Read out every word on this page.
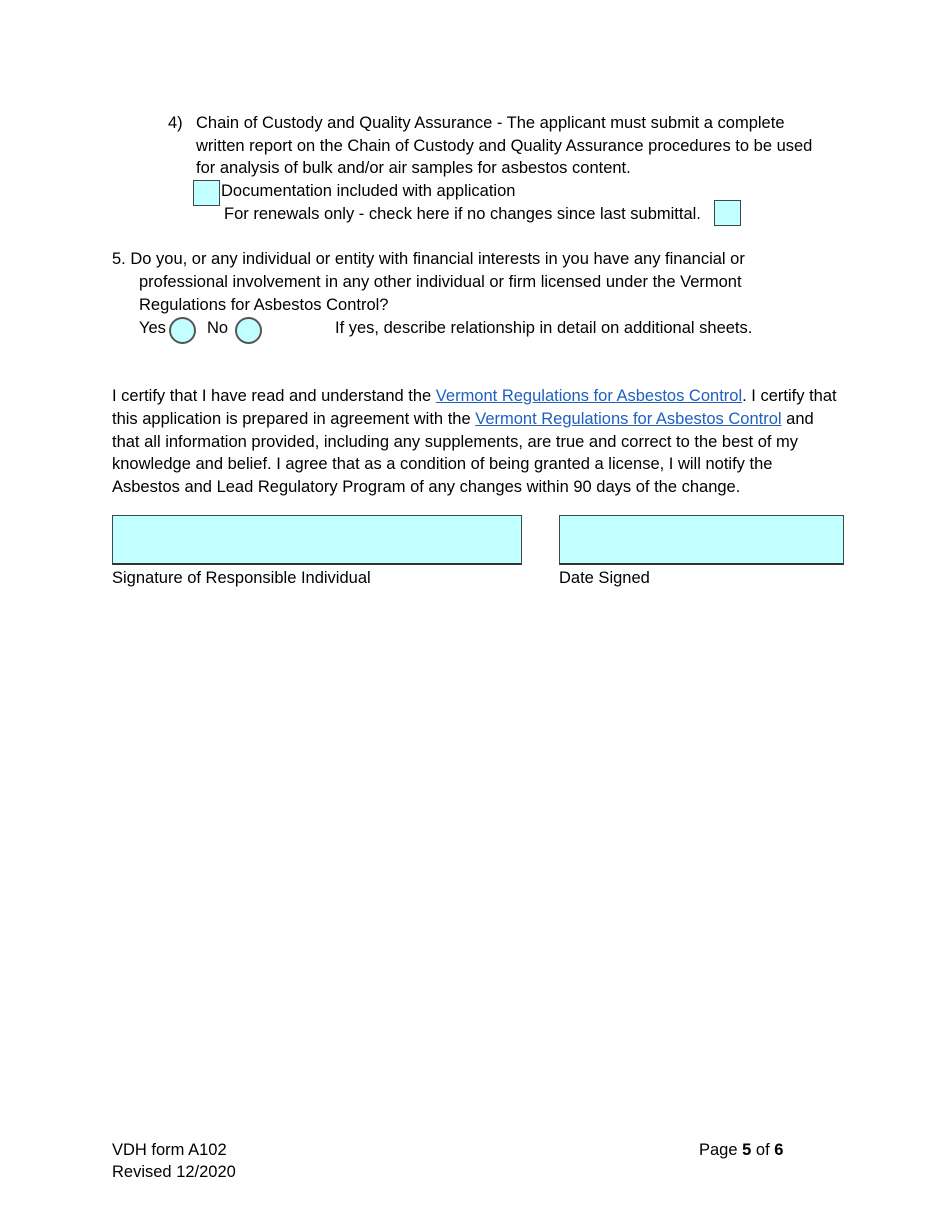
4) Chain of Custody and Quality Assurance - The applicant must submit a complete
written report on the Chain of Custody and Quality Assurance procedures to be used
for analysis of bulk and/or air samples for asbestos content.
Documentation included with application
For renewals only - check here if no changes since last submittal.
5. Do you, or any individual or entity with financial interests in you have any financial or
professional involvement in any other individual or firm licensed under the Vermont
Regulations for Asbestos Control?
Yes No	If yes, describe relationship in detail on additional sheets.
I certify that I have read and understand the Vermont Regulations for Asbestos Control. I certify that this application is prepared in agreement with the Vermont Regulations for Asbestos Control and that all information provided, including any supplements, are true and correct to the best of my knowledge and belief. I agree that as a condition of being granted a license, I will notify the Asbestos and Lead Regulatory Program of any changes within 90 days of the change.
Signature of Responsible Individual	Date Signed
VDH form A102
Revised 12/2020
Page 5 of 6
